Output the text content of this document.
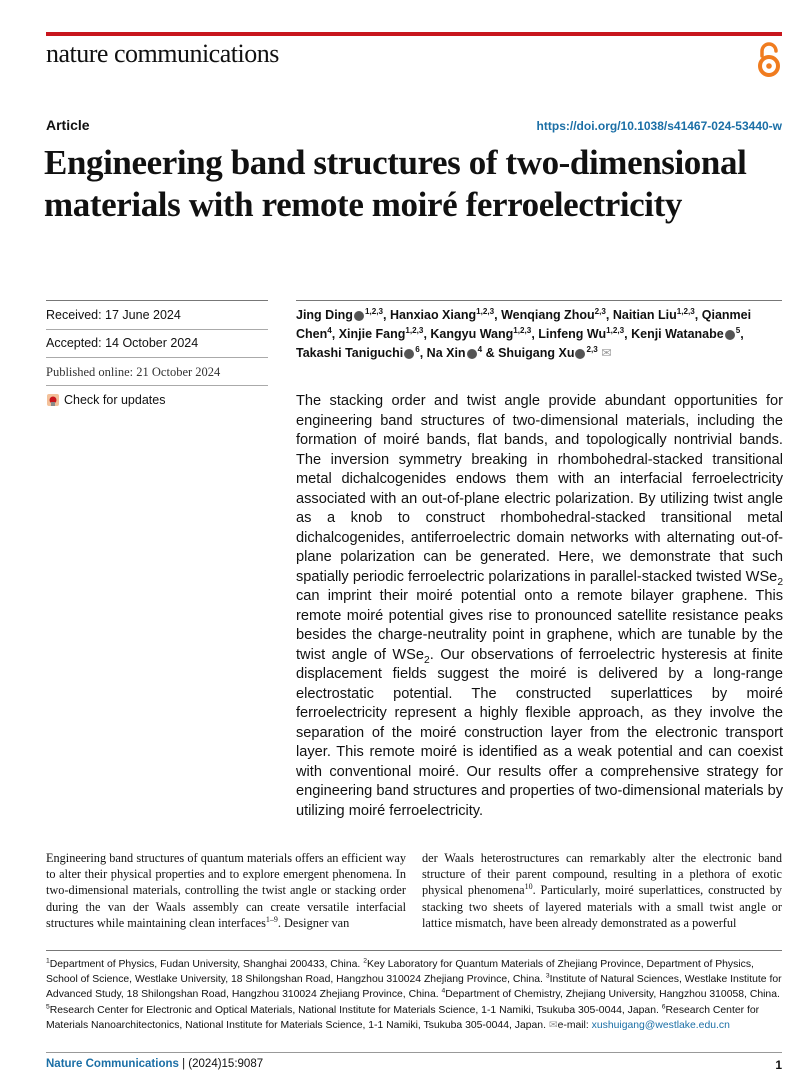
nature communications
Article	https://doi.org/10.1038/s41467-024-53440-w
Engineering band structures of two-dimensional materials with remote moiré ferroelectricity
Received: 17 June 2024
Accepted: 14 October 2024
Published online: 21 October 2024
Check for updates
Jing Ding $^{1,2,3}$, Hanxiao Xiang$^{1,2,3}$, Wenqiang Zhou$^{2,3}$, Naitian Liu$^{1,2,3}$, Qianmei Chen$^4$, Xinjie Fang$^{1,2,3}$, Kangyu Wang$^{1,2,3}$, Linfeng Wu$^{1,2,3}$, Kenji Watanabe $^5$, Takashi Taniguchi $^6$, Na Xin $^4$ & Shuigang Xu $^{2,3}$ ✉

The stacking order and twist angle provide abundant opportunities for engineering band structures of two-dimensional materials, including the formation of moiré bands, flat bands, and topologically nontrivial bands. The inversion symmetry breaking in rhombohedral-stacked transitional metal dichalcogenides endows them with an interfacial ferroelectricity associated with an out-of-plane electric polarization. By utilizing twist angle as a knob to construct rhombohedral-stacked transitional metal dichalcogenides, antiferroelectric domain networks with alternating out-of-plane polarization can be generated. Here, we demonstrate that such spatially periodic ferroelectric polarizations in parallel-stacked twisted WSe$_2$ can imprint their moiré potential onto a remote bilayer graphene. This remote moiré potential gives rise to pronounced satellite resistance peaks besides the charge-neutrality point in graphene, which are tunable by the twist angle of WSe$_2$. Our observations of ferroelectric hysteresis at finite displacement fields suggest the moiré is delivered by a long-range electrostatic potential. The constructed superlattices by moiré ferroelectricity represent a highly flexible approach, as they involve the separation of the moiré construction layer from the electronic transport layer. This remote moiré is identified as a weak potential and can coexist with conventional moiré. Our results offer a comprehensive strategy for engineering band structures and properties of two-dimensional materials by utilizing moiré ferroelectricity.

Engineering band structures of quantum materials offers an efficient way to alter their physical properties and to explore emergent phenomena. In two-dimensional materials, controlling the twist angle or stacking order during the van der Waals assembly can create versatile interfacial structures while maintaining clean interfaces$^{1-9}$. Designer van

der Waals heterostructures can remarkably alter the electronic band structure of their parent compound, resulting in a plethora of exotic physical phenomena$^{10}$. Particularly, moiré superlattices, constructed by stacking two sheets of layered materials with a small twist angle or lattice mismatch, have been already demonstrated as a powerful

$^1$Department of Physics, Fudan University, Shanghai 200433, China. $^2$Key Laboratory for Quantum Materials of Zhejiang Province, Department of Physics, School of Science, Westlake University, 18 Shilongshan Road, Hangzhou 310024 Zhejiang Province, China. $^3$Institute of Natural Sciences, Westlake Institute for Advanced Study, 18 Shilongshan Road, Hangzhou 310024 Zhejiang Province, China. $^4$Department of Chemistry, Zhejiang University, Hangzhou 310058, China. $^5$Research Center for Electronic and Optical Materials, National Institute for Materials Science, 1-1 Namiki, Tsukuba 305-0044, Japan. $^6$Research Center for Materials Nanoarchitectonics, National Institute for Materials Science, 1-1 Namiki, Tsukuba 305-0044, Japan. ✉e-mail: xushuigang@westlake.edu.cn

Nature Communications | (2024)15:9087	1
